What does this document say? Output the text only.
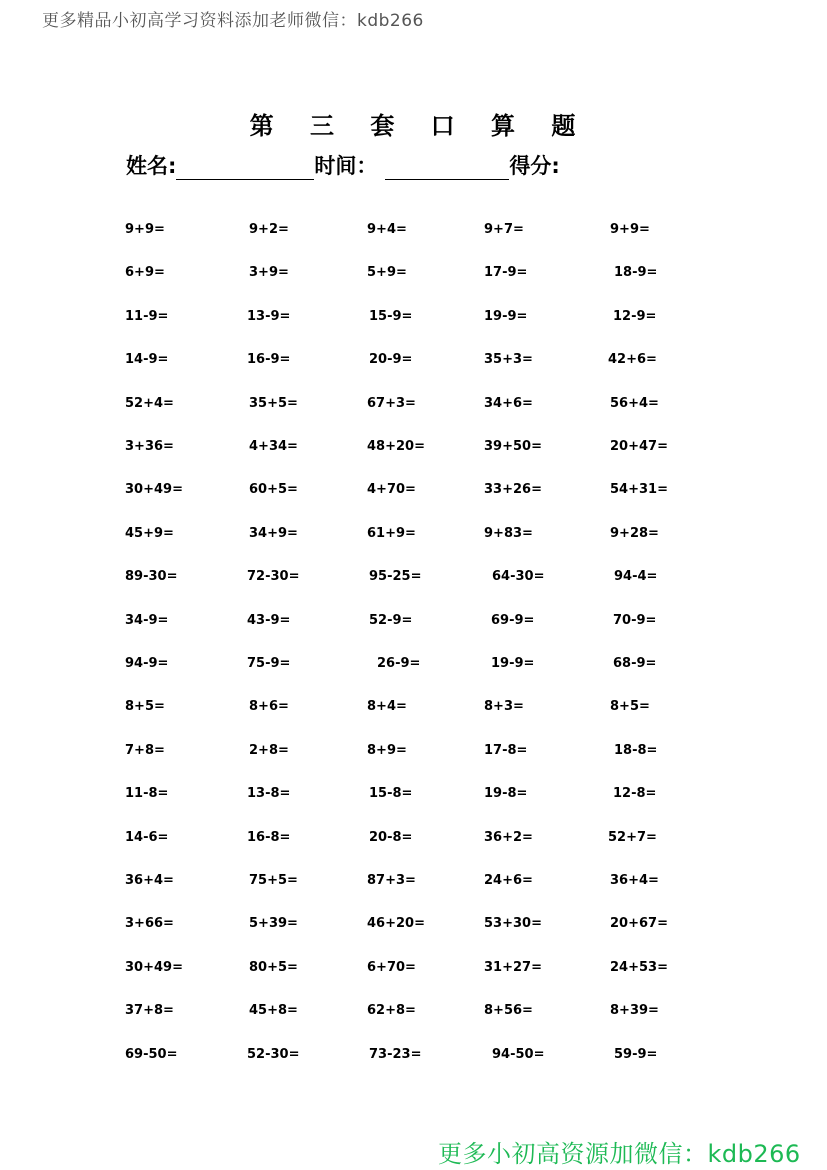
更多精品小初高学习资料添加老师微信：kdb266
第 三 套 口 算 题
姓名:	时间：	得分:
9+9=	9+2=	9+4=	9+7=	9+9=
6+9=	3+9=	5+9=	17-9=	18-9=
11-9=	13-9=	15-9=	19-9=	12-9=
14-9=	16-9=	20-9=	35+3=	42+6=
52+4=	35+5=	67+3=	34+6=	56+4=
3+36=	4+34=	48+20=	39+50=	20+47=
30+49=	60+5=	4+70=	33+26=	54+31=
45+9=	34+9=	61+9=	9+83=	9+28=
89-30=	72-30=	95-25=	64-30=	94-4=
34-9=	43-9=	52-9=	69-9=	70-9=
94-9=	75-9=	26-9=	19-9=	68-9=
8+5=	8+6=	8+4=	8+3=	8+5=
7+8=	2+8=	8+9=	17-8=	18-8=
11-8=	13-8=	15-8=	19-8=	12-8=
14-6=	16-8=	20-8=	36+2=	52+7=
36+4=	75+5=	87+3=	24+6=	36+4=
3+66=	5+39=	46+20=	53+30=	20+67=
30+49=	80+5=	6+70=	31+27=	24+53=
37+8=	45+8=	62+8=	8+56=	8+39=
69-50=	52-30=	73-23=	94-50=	59-9=
更多小初高资源加微信：kdb266
